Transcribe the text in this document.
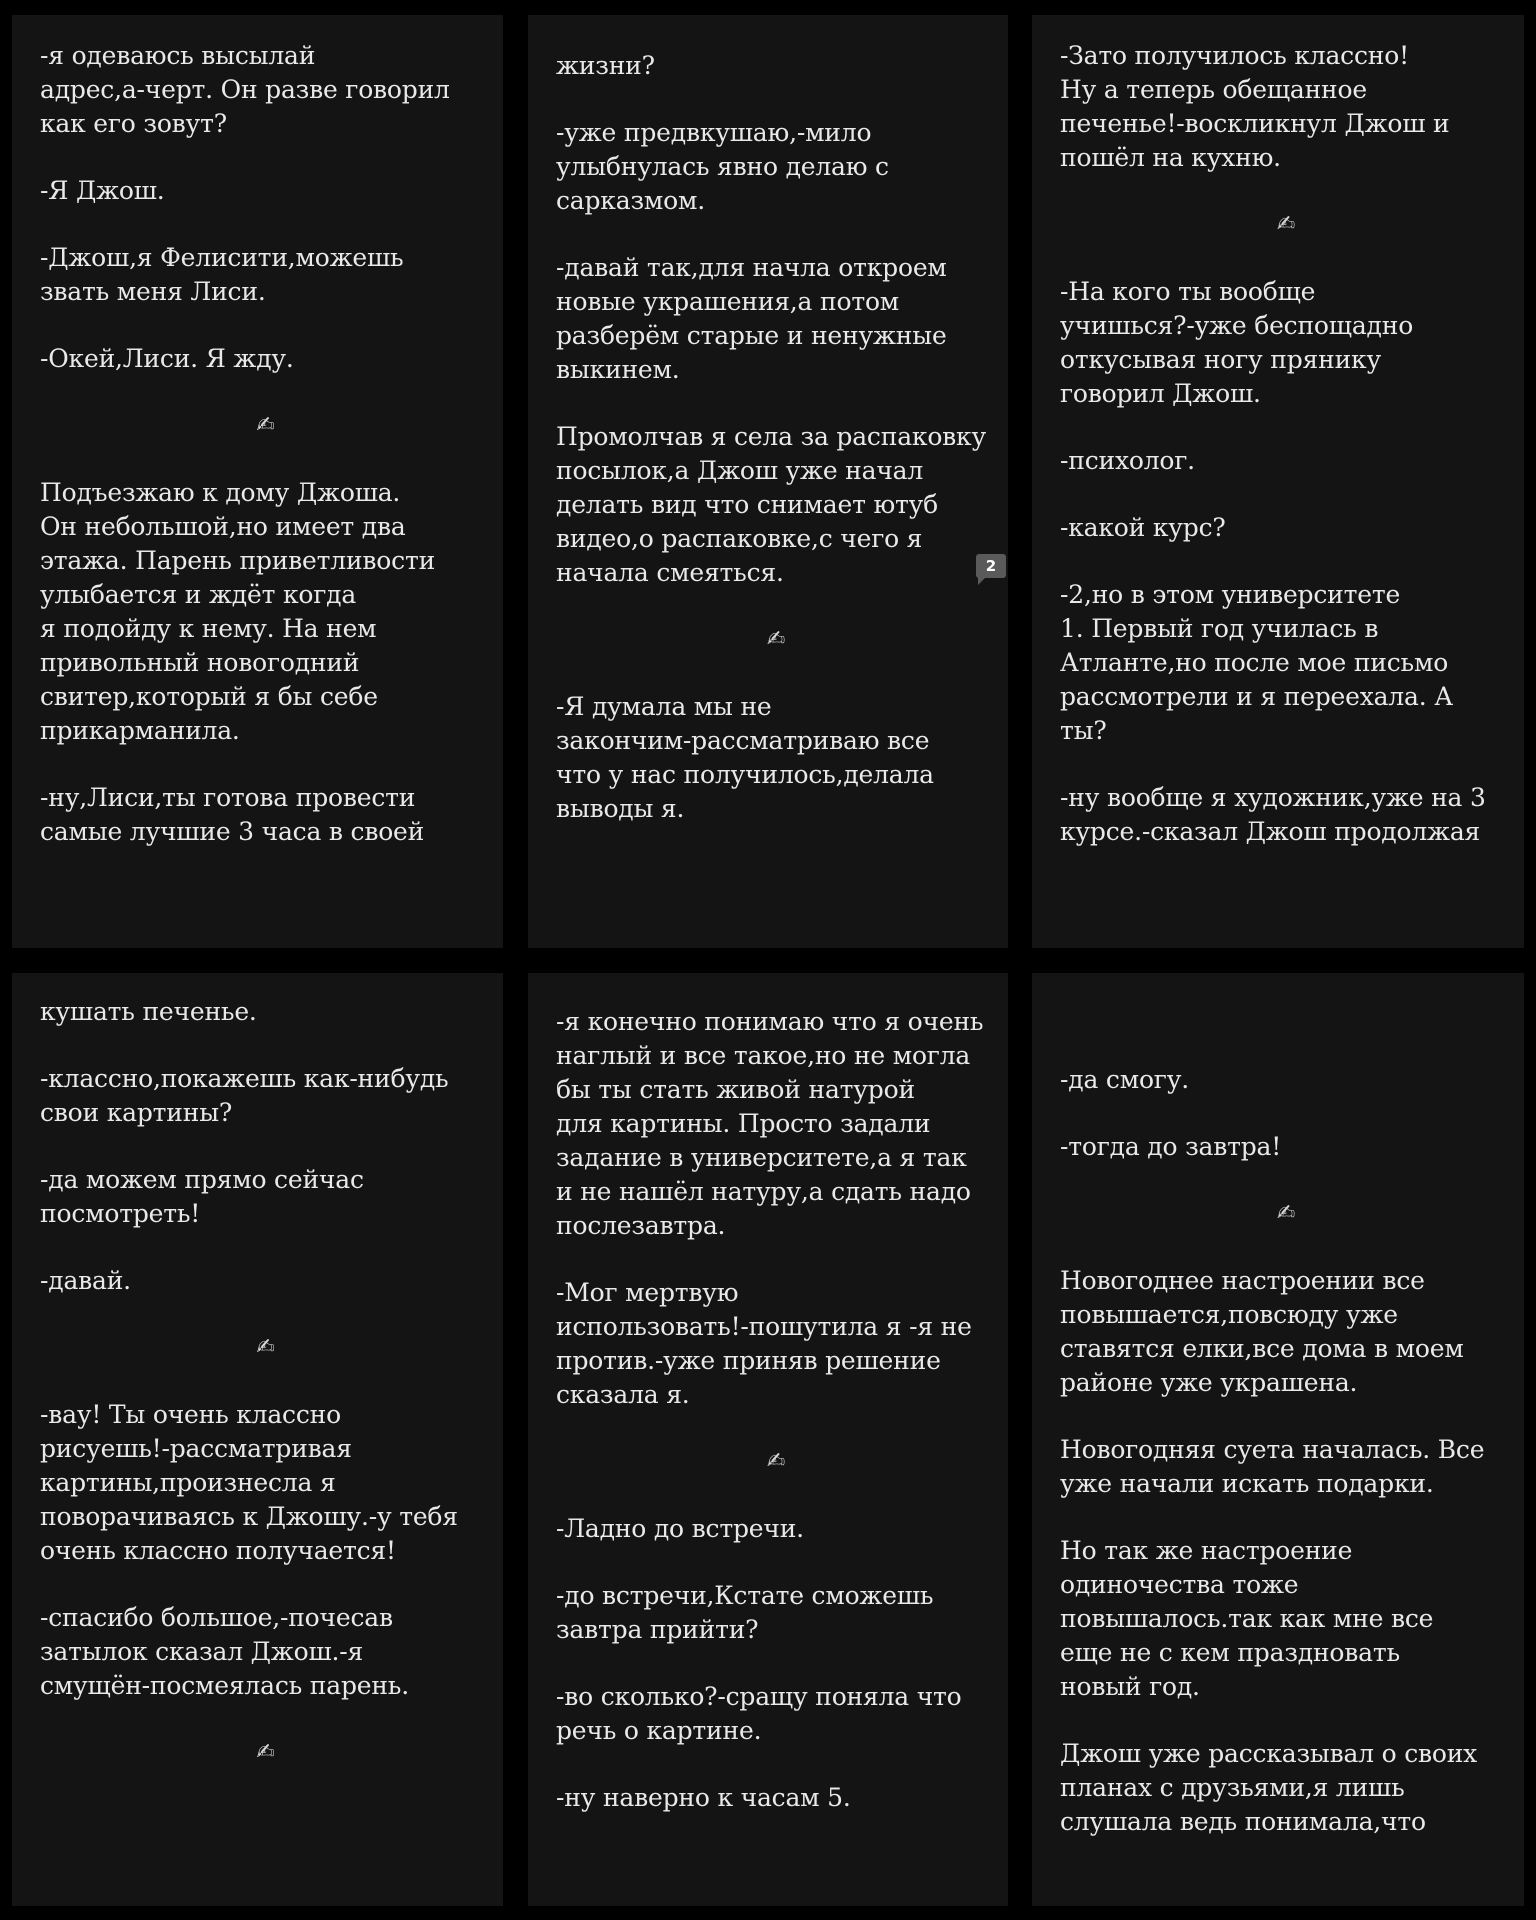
-я одеваюсь высылай
адрес,а-черт. Он разве говорил
как его зовут?

-Я Джош.

-Джош,я Фелисити,можешь
звать меня Лиси.

-Окей,Лиси. Я жду.

✍

Подъезжаю к дому Джоша.
Он небольшой,но имеет два
этажа. Парень приветливости
улыбается и ждёт когда
я подойду к нему. На нем
привольный новогодний
свитер,который я бы себе
прикарманила.

-ну,Лиси,ты готова провести
самые лучшие 3 часа в своей

жизни?

-уже предвкушаю,-мило
улыбнулась явно делаю с
сарказмом.

-давай так,для начла откроем
новые украшения,а потом
разберём старые и ненужные
выкинем.

Промолчав я села за распаковку
посылок,а Джош уже начал
делать вид что снимает ютуб
видео,о распаковке,с чего я
начала смеяться.

✍

-Я думала мы не
закончим-рассматриваю все
что у нас получилось,делала
выводы я.

2

-Зато получилось классно!
Ну а теперь обещанное
печенье!-воскликнул Джош и
пошёл на кухню.

✍

-На кого ты вообще
учишься?-уже беспощадно
откусывая ногу прянику
говорил Джош.

-психолог.

-какой курс?

-2,но в этом университете
1. Первый год училась в
Атланте,но после мое письмо
рассмотрели и я переехала. А
ты?

-ну вообще я художник,уже на 3
курсе.-сказал Джош продолжая

кушать печенье.

-классно,покажешь как-нибудь
свои картины?

-да можем прямо сейчас
посмотреть!

-давай.

✍

-вау! Ты очень классно
рисуешь!-рассматривая
картины,произнесла я
поворачиваясь к Джошу.-у тебя
очень классно получается!

-спасибо большое,-почесав
затылок сказал Джош.-я
смущён-посмеялась парень.

✍

-я конечно понимаю что я очень
наглый и все такое,но не могла
бы ты стать живой натурой
для картины. Просто задали
задание в университете,а я так
и не нашёл натуру,а сдать надо
послезавтра.

-Мог мертвую
использовать!-пошутила я -я не
против.-уже приняв решение
сказала я.

✍

-Ладно до встречи.

-до встречи,Кстате сможешь
завтра прийти?

-во сколько?-сращу поняла что
речь о картине.

-ну наверно к часам 5.

-да смогу.

-тогда до завтра!

✍

Новогоднее настроении все
повышается,повсюду уже
ставятся елки,все дома в моем
районе уже украшена.

Новогодняя суета началась. Все
уже начали искать подарки.

Но так же настроение
одиночества тоже
повышалось.так как мне все
еще не с кем праздновать
новый год.

Джош уже рассказывал о своих
планах с друзьями,я лишь
слушала ведь понимала,что
